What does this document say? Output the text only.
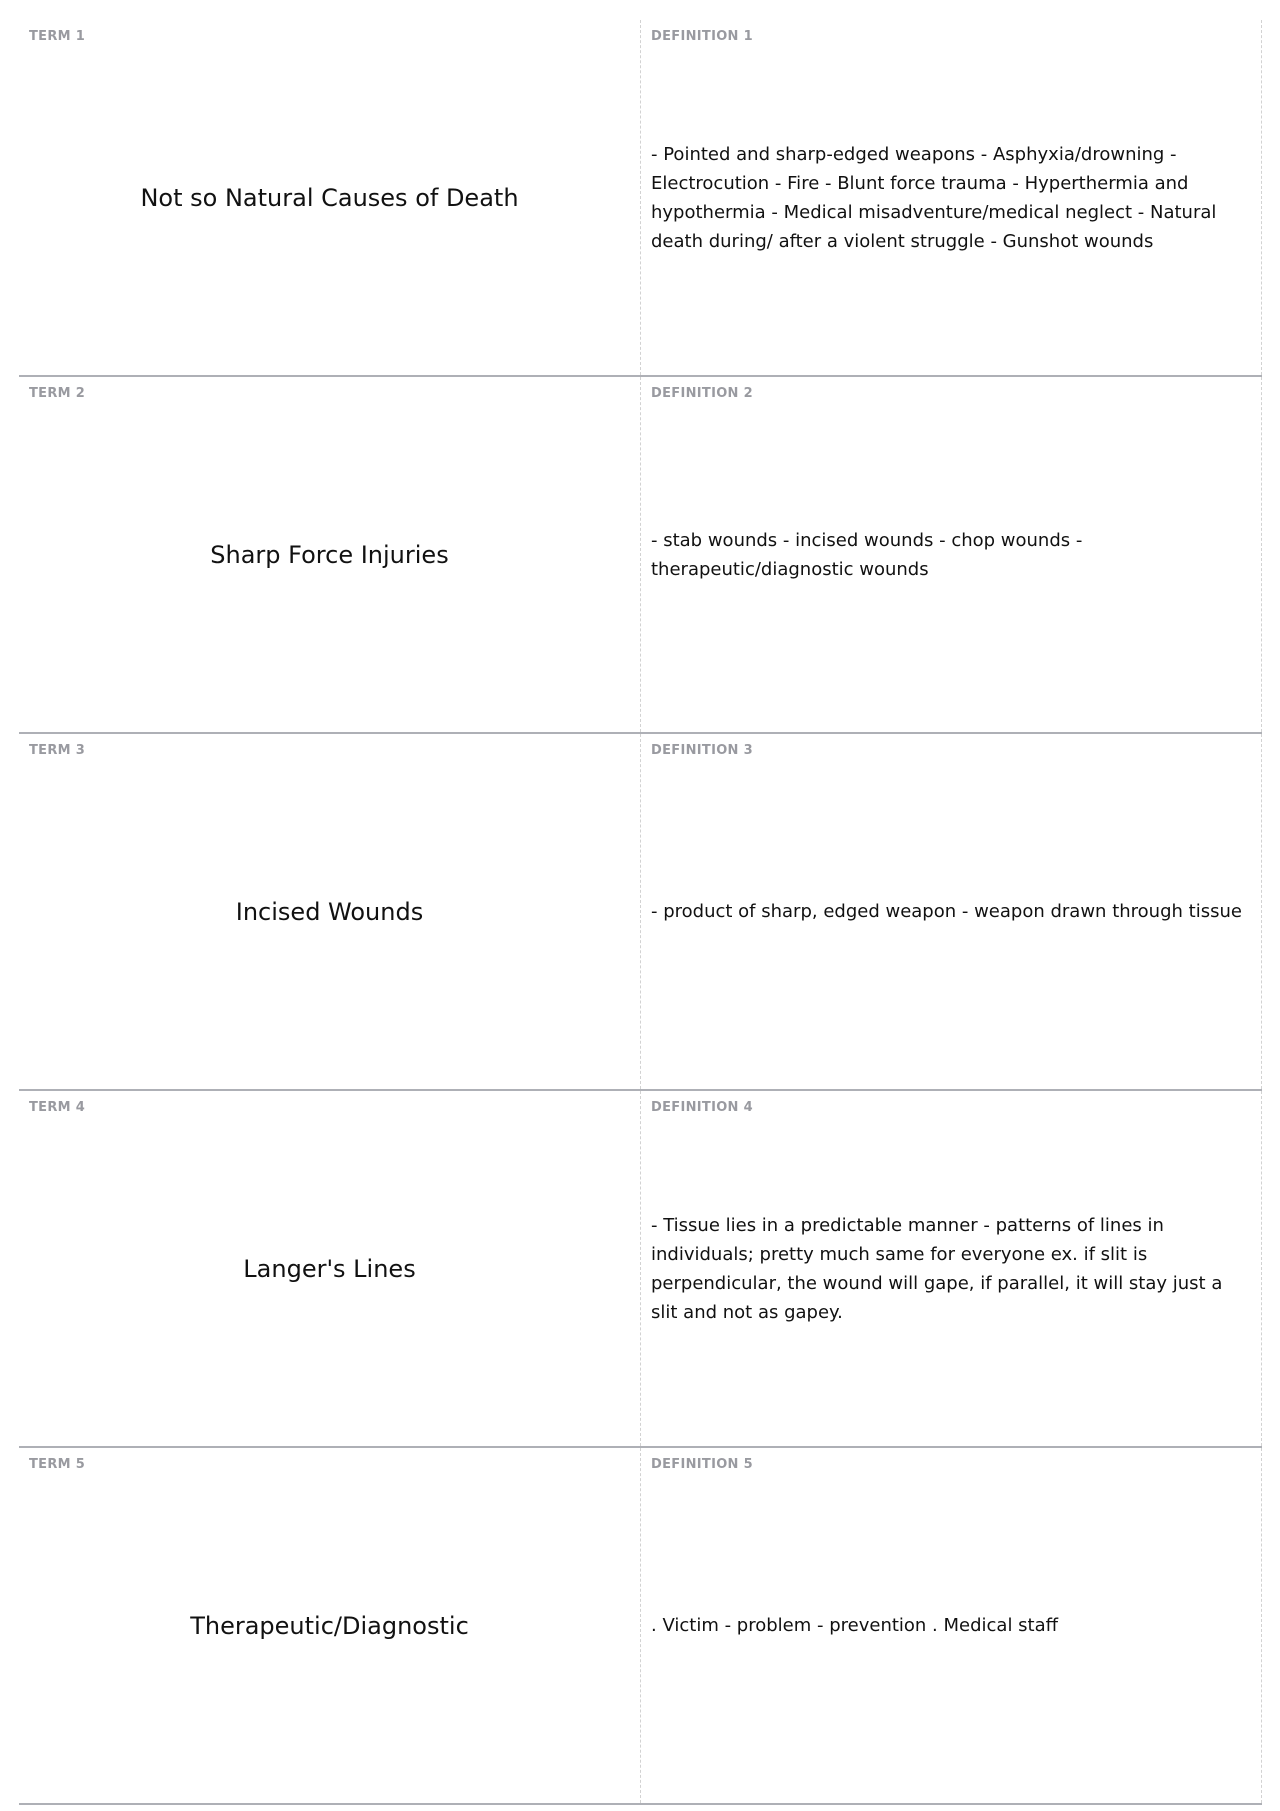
TERM 1
Not so Natural Causes of Death
DEFINITION 1
- Pointed and sharp-edged weapons - Asphyxia/drowning - Electrocution - Fire - Blunt force trauma - Hyperthermia and hypothermia - Medical misadventure/medical neglect - Natural death during/ after a violent struggle - Gunshot wounds
TERM 2
Sharp Force Injuries
DEFINITION 2
- stab wounds - incised wounds - chop wounds - therapeutic/diagnostic wounds
TERM 3
Incised Wounds
DEFINITION 3
- product of sharp, edged weapon - weapon drawn through tissue
TERM 4
Langer's Lines
DEFINITION 4
- Tissue lies in a predictable manner - patterns of lines in individuals; pretty much same for everyone ex. if slit is perpendicular, the wound will gape, if parallel, it will stay just a slit and not as gapey.
TERM 5
Therapeutic/Diagnostic
DEFINITION 5
. Victim - problem - prevention . Medical staff
